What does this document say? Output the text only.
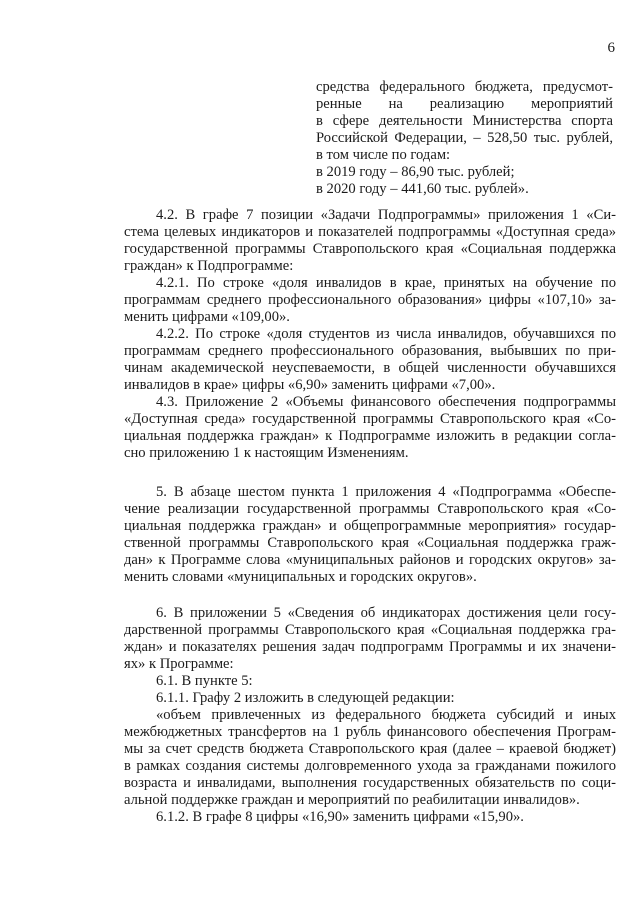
6
средства федерального бюджета, предусмот-
ренные на реализацию мероприятий
в сфере деятельности Министерства спорта
Российской Федерации, – 528,50 тыс. рублей,
в том числе по годам:
в 2019 году – 86,90 тыс. рублей;
в 2020 году – 441,60 тыс. рублей».
4.2. В графе 7 позиции «Задачи Подпрограммы» приложения 1 «Си-
стема целевых индикаторов и показателей подпрограммы «Доступная среда»
государственной программы Ставропольского края «Социальная поддержка
граждан» к Подпрограмме:
4.2.1. По строке «доля инвалидов в крае, принятых на обучение по
программам среднего профессионального образования» цифры «107,10» за-
менить цифрами «109,00».
4.2.2. По строке «доля студентов из числа инвалидов, обучавшихся по
программам среднего профессионального образования, выбывших по при-
чинам академической неуспеваемости, в общей численности обучавшихся
инвалидов в крае» цифры «6,90» заменить цифрами «7,00».
4.3. Приложение 2 «Объемы финансового обеспечения подпрограммы
«Доступная среда» государственной программы Ставропольского края «Со-
циальная поддержка граждан» к Подпрограмме изложить в редакции согла-
сно приложению 1 к настоящим Изменениям.
5. В абзаце шестом пункта 1 приложения 4 «Подпрограмма «Обеспе-
чение реализации государственной программы Ставропольского края «Со-
циальная поддержка граждан» и общепрограммные мероприятия» государ-
ственной программы Ставропольского края «Социальная поддержка граж-
дан» к Программе слова «муниципальных районов и городских округов» за-
менить словами «муниципальных и городских округов».
6. В приложении 5 «Сведения об индикаторах достижения цели госу-
дарственной программы Ставропольского края «Социальная поддержка гра-
ждан» и показателях решения задач подпрограмм Программы и их значени-
ях» к Программе:
6.1. В пункте 5:
6.1.1. Графу 2 изложить в следующей редакции:
«объем привлеченных из федерального бюджета субсидий и иных
межбюджетных трансфертов на 1 рубль финансового обеспечения Програм-
мы за счет средств бюджета Ставропольского края (далее – краевой бюджет)
в рамках создания системы долговременного ухода за гражданами пожилого
возраста и инвалидами, выполнения государственных обязательств по соци-
альной поддержке граждан и мероприятий по реабилитации инвалидов».
6.1.2. В графе 8 цифры «16,90» заменить цифрами «15,90».
